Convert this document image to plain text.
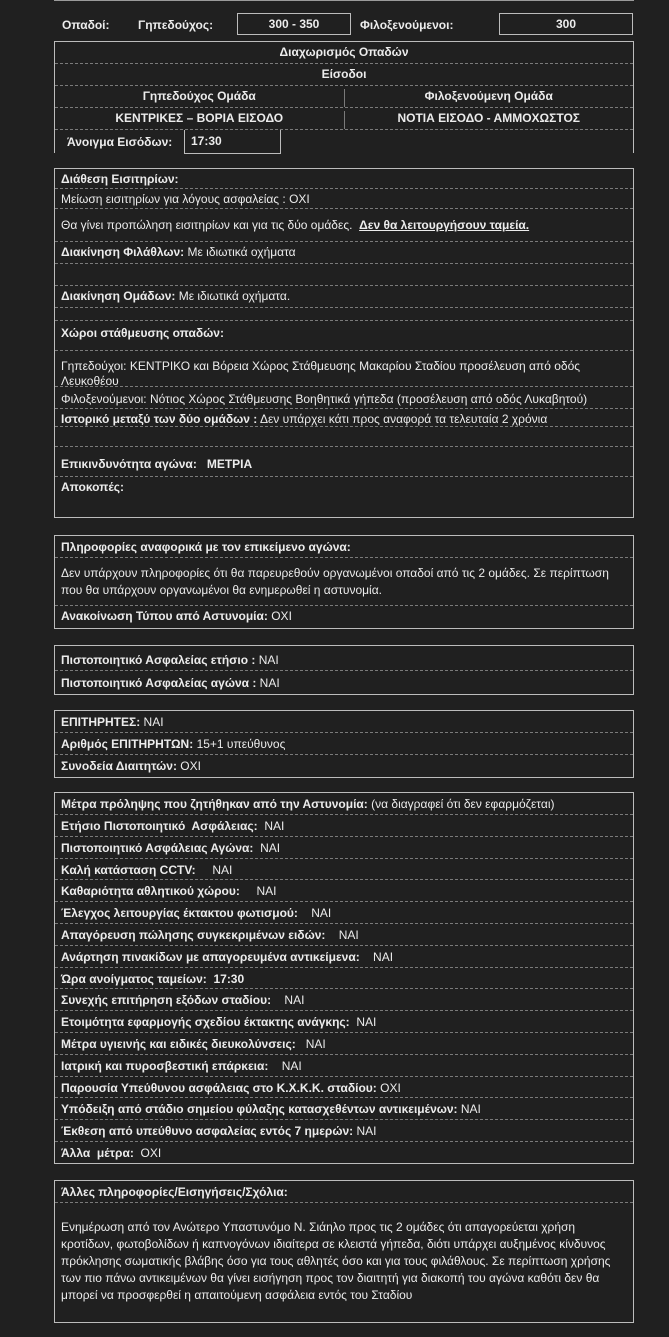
Οπαδοί: Γηπεδούχος:	300 - 350	Φιλοξενούμενοι:	300
Διαχωρισμός Οπαδών
Είσοδοι
Γηπεδούχος Ομάδα	Φιλοξενούμενη Ομάδα
ΚΕΝΤΡΙΚΕΣ – ΒΟΡΙΑ ΕΙΣΟΔΟ	ΝΟΤΙΑ ΕΙΣΟΔΟ - ΑΜΜΟΧΩΣΤΟΣ
Άνοιγμα Εισόδων:	17:30
Διάθεση Εισιτηρίων:
Μείωση εισιτηρίων για λόγους ασφαλείας : ΟΧΙ
Θα γίνει προπώληση εισιτηρίων και για τις δύο ομάδες. Δεν θα λειτουργήσουν ταμεία.
Διακίνηση Φιλάθλων: Με ιδιωτικά οχήματα
Διακίνηση Ομάδων: Με ιδιωτικά οχήματα.
Χώροι στάθμευσης οπαδών:
Γηπεδούχοι: ΚΕΝΤΡΙΚΟ και Βόρεια Χώρος Στάθμευσης Μακαρίου Σταδίου προσέλευση από οδός Λευκοθέου
Φιλοξενούμενοι: Νότιος Χώρος Στάθμευσης Βοηθητικά γήπεδα (προσέλευση από οδός Λυκαβητού)
Ιστορικό μεταξύ των δύο ομάδων : Δεν υπάρχει κάτι προς αναφορά τα τελευταία 2 χρόνια
Επικινδυνότητα αγώνα: ΜΕΤΡΙΑ
Αποκοπές:
Πληροφορίες αναφορικά με τον επικείμενο αγώνα:
Δεν υπάρχουν πληροφορίες ότι θα παρευρεθούν οργανωμένοι οπαδοί από τις 2 ομάδες. Σε περίπτωση που θα υπάρχουν οργανωμένοι θα ενημερωθεί η αστυνομία.
Ανακοίνωση Τύπου από Αστυνομία: ΟΧΙ
Πιστοποιητικό Ασφαλείας ετήσιο : ΝΑΙ
Πιστοποιητικό Ασφαλείας αγώνα : ΝΑΙ
ΕΠΙΤΗΡΗΤΕΣ: ΝΑΙ
Αριθμός ΕΠΙΤΗΡΗΤΩΝ: 15+1 υπεύθυνος
Συνοδεία Διαιτητών: ΟΧΙ
Μέτρα πρόληψης που ζητήθηκαν από την Αστυνομία: (να διαγραφεί ότι δεν εφαρμόζεται)
Ετήσιο Πιστοποιητικό  Ασφάλειας:  ΝΑΙ
Πιστοποιητικό Ασφάλειας Αγώνα:  ΝΑΙ
Καλή κατάσταση CCTV:     ΝΑΙ
Καθαριότητα αθλητικού χώρου:     ΝΑΙ
Έλεγχος λειτουργίας έκτακτου φωτισμού:    ΝΑΙ
Απαγόρευση πώλησης συγκεκριμένων ειδών:    ΝΑΙ
Ανάρτηση πινακίδων με απαγορευμένα αντικείμενα:    ΝΑΙ
Ώρα ανοίγματος ταμείων:  17:30
Συνεχής επιτήρηση εξόδων σταδίου:    ΝΑΙ
Ετοιμότητα εφαρμογής σχεδίου έκτακτης ανάγκης:  ΝΑΙ
Μέτρα υγιεινής και ειδικές διευκολύνσεις:   ΝΑΙ
Ιατρική και πυροσβεστική επάρκεια:    ΝΑΙ
Παρουσία Υπεύθυνου ασφάλειας στο Κ.Χ.Κ.Κ. σταδίου: ΟΧΙ
Υπόδειξη από στάδιο σημείου φύλαξης κατασχεθέντων αντικειμένων: ΝΑΙ
Έκθεση από υπεύθυνο ασφαλείας εντός 7 ημερών: ΝΑΙ
Άλλα  μέτρα:  ΟΧΙ
Άλλες πληροφορίες/Εισηγήσεις/Σχόλια:
Ενημέρωση από τον Ανώτερο Υπαστυνόμο Ν. Σιάηλο προς τις 2 ομάδες ότι απαγορεύεται χρήση κροτίδων, φωτοβολίδων ή καπνογόνων ιδιαίτερα σε κλειστά γήπεδα, διότι υπάρχει αυξημένος κίνδυνος πρόκλησης σωματικής βλάβης όσο για τους αθλητές όσο και για τους φιλάθλους. Σε περίπτωση χρήσης των πιο πάνω αντικειμένων θα γίνει εισήγηση προς τον διαιτητή για διακοπή του αγώνα καθότι δεν θα μπορεί να προσφερθεί η απαιτούμενη ασφάλεια εντός του Σταδίου
